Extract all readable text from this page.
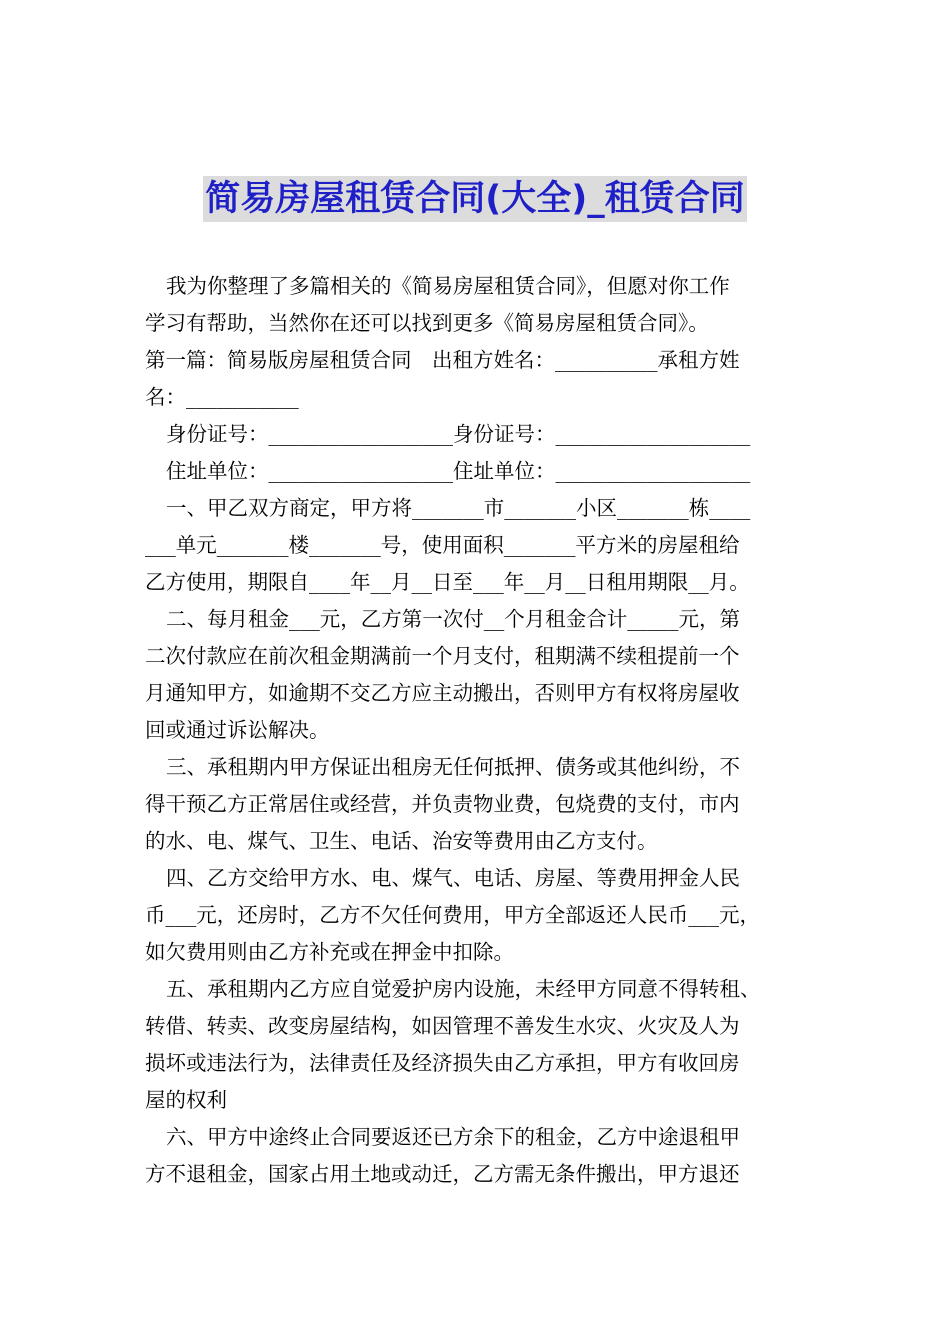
简易房屋租赁合同(大全)_租赁合同
我为你整理了多篇相关的《简易房屋租赁合同》，但愿对你工作
学习有帮助，当然你在还可以找到更多《简易房屋租赁合同》。
第一篇：简易版房屋租赁合同　出租方姓名：__________承租方姓
名：___________
身份证号：__________________身份证号：___________________
住址单位：__________________住址单位：___________________
一、甲乙双方商定，甲方将_______市_______小区_______栋____
___单元_______楼_______号，使用面积_______平方米的房屋租给
乙方使用，期限自____年__月__日至___年__月__日租用期限__月。
二、每月租金___元，乙方第一次付__个月租金合计_____元，第
二次付款应在前次租金期满前一个月支付，租期满不续租提前一个
月通知甲方，如逾期不交乙方应主动搬出，否则甲方有权将房屋收
回或通过诉讼解决。
三、承租期内甲方保证出租房无任何抵押、债务或其他纠纷，不
得干预乙方正常居住或经营，并负责物业费，包烧费的支付，市内
的水、电、煤气、卫生、电话、治安等费用由乙方支付。
四、乙方交给甲方水、电、煤气、电话、房屋、等费用押金人民
币___元，还房时，乙方不欠任何费用，甲方全部返还人民币___元，
如欠费用则由乙方补充或在押金中扣除。
五、承租期内乙方应自觉爱护房内设施，未经甲方同意不得转租、
转借、转卖、改变房屋结构，如因管理不善发生水灾、火灾及人为
损坏或违法行为，法律责任及经济损失由乙方承担，甲方有收回房
屋的权利
六、甲方中途终止合同要返还已方余下的租金，乙方中途退租甲
方不退租金，国家占用土地或动迁，乙方需无条件搬出，甲方退还
